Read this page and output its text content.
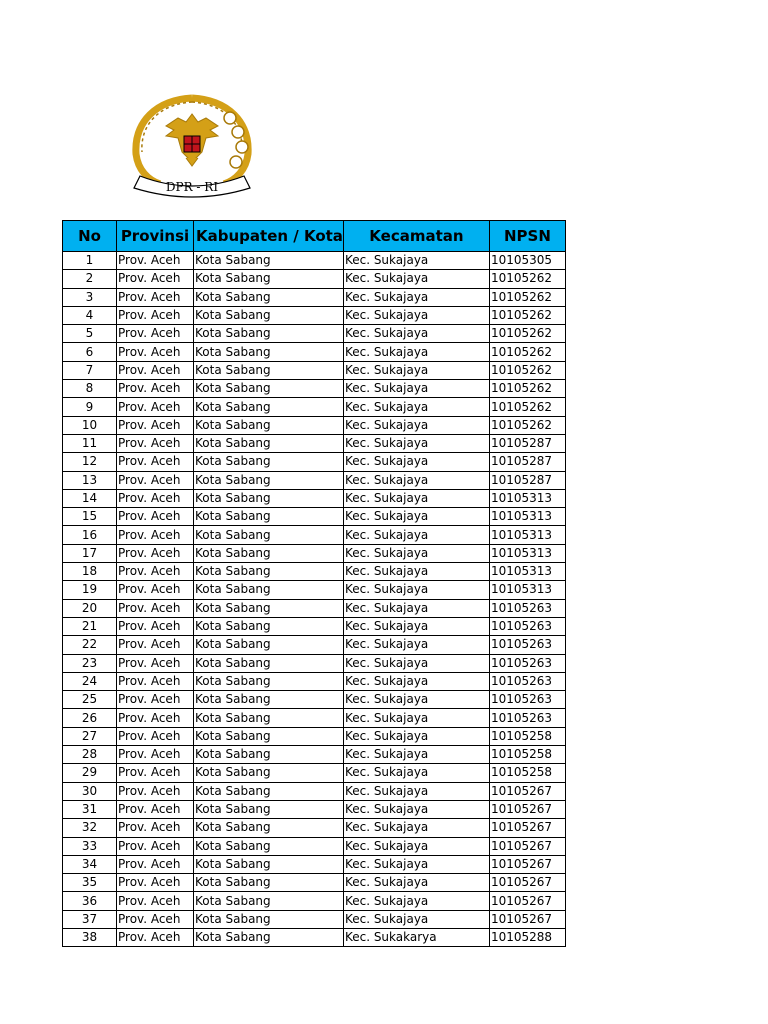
DPR - RI
No	Provinsi	Kabupaten / Kota	Kecamatan	NPSN
1	Prov. Aceh	Kota Sabang	Kec. Sukajaya	10105305
2	Prov. Aceh	Kota Sabang	Kec. Sukajaya	10105262
3	Prov. Aceh	Kota Sabang	Kec. Sukajaya	10105262
4	Prov. Aceh	Kota Sabang	Kec. Sukajaya	10105262
5	Prov. Aceh	Kota Sabang	Kec. Sukajaya	10105262
6	Prov. Aceh	Kota Sabang	Kec. Sukajaya	10105262
7	Prov. Aceh	Kota Sabang	Kec. Sukajaya	10105262
8	Prov. Aceh	Kota Sabang	Kec. Sukajaya	10105262
9	Prov. Aceh	Kota Sabang	Kec. Sukajaya	10105262
10	Prov. Aceh	Kota Sabang	Kec. Sukajaya	10105262
11	Prov. Aceh	Kota Sabang	Kec. Sukajaya	10105287
12	Prov. Aceh	Kota Sabang	Kec. Sukajaya	10105287
13	Prov. Aceh	Kota Sabang	Kec. Sukajaya	10105287
14	Prov. Aceh	Kota Sabang	Kec. Sukajaya	10105313
15	Prov. Aceh	Kota Sabang	Kec. Sukajaya	10105313
16	Prov. Aceh	Kota Sabang	Kec. Sukajaya	10105313
17	Prov. Aceh	Kota Sabang	Kec. Sukajaya	10105313
18	Prov. Aceh	Kota Sabang	Kec. Sukajaya	10105313
19	Prov. Aceh	Kota Sabang	Kec. Sukajaya	10105313
20	Prov. Aceh	Kota Sabang	Kec. Sukajaya	10105263
21	Prov. Aceh	Kota Sabang	Kec. Sukajaya	10105263
22	Prov. Aceh	Kota Sabang	Kec. Sukajaya	10105263
23	Prov. Aceh	Kota Sabang	Kec. Sukajaya	10105263
24	Prov. Aceh	Kota Sabang	Kec. Sukajaya	10105263
25	Prov. Aceh	Kota Sabang	Kec. Sukajaya	10105263
26	Prov. Aceh	Kota Sabang	Kec. Sukajaya	10105263
27	Prov. Aceh	Kota Sabang	Kec. Sukajaya	10105258
28	Prov. Aceh	Kota Sabang	Kec. Sukajaya	10105258
29	Prov. Aceh	Kota Sabang	Kec. Sukajaya	10105258
30	Prov. Aceh	Kota Sabang	Kec. Sukajaya	10105267
31	Prov. Aceh	Kota Sabang	Kec. Sukajaya	10105267
32	Prov. Aceh	Kota Sabang	Kec. Sukajaya	10105267
33	Prov. Aceh	Kota Sabang	Kec. Sukajaya	10105267
34	Prov. Aceh	Kota Sabang	Kec. Sukajaya	10105267
35	Prov. Aceh	Kota Sabang	Kec. Sukajaya	10105267
36	Prov. Aceh	Kota Sabang	Kec. Sukajaya	10105267
37	Prov. Aceh	Kota Sabang	Kec. Sukajaya	10105267
38	Prov. Aceh	Kota Sabang	Kec. Sukakarya	10105288
